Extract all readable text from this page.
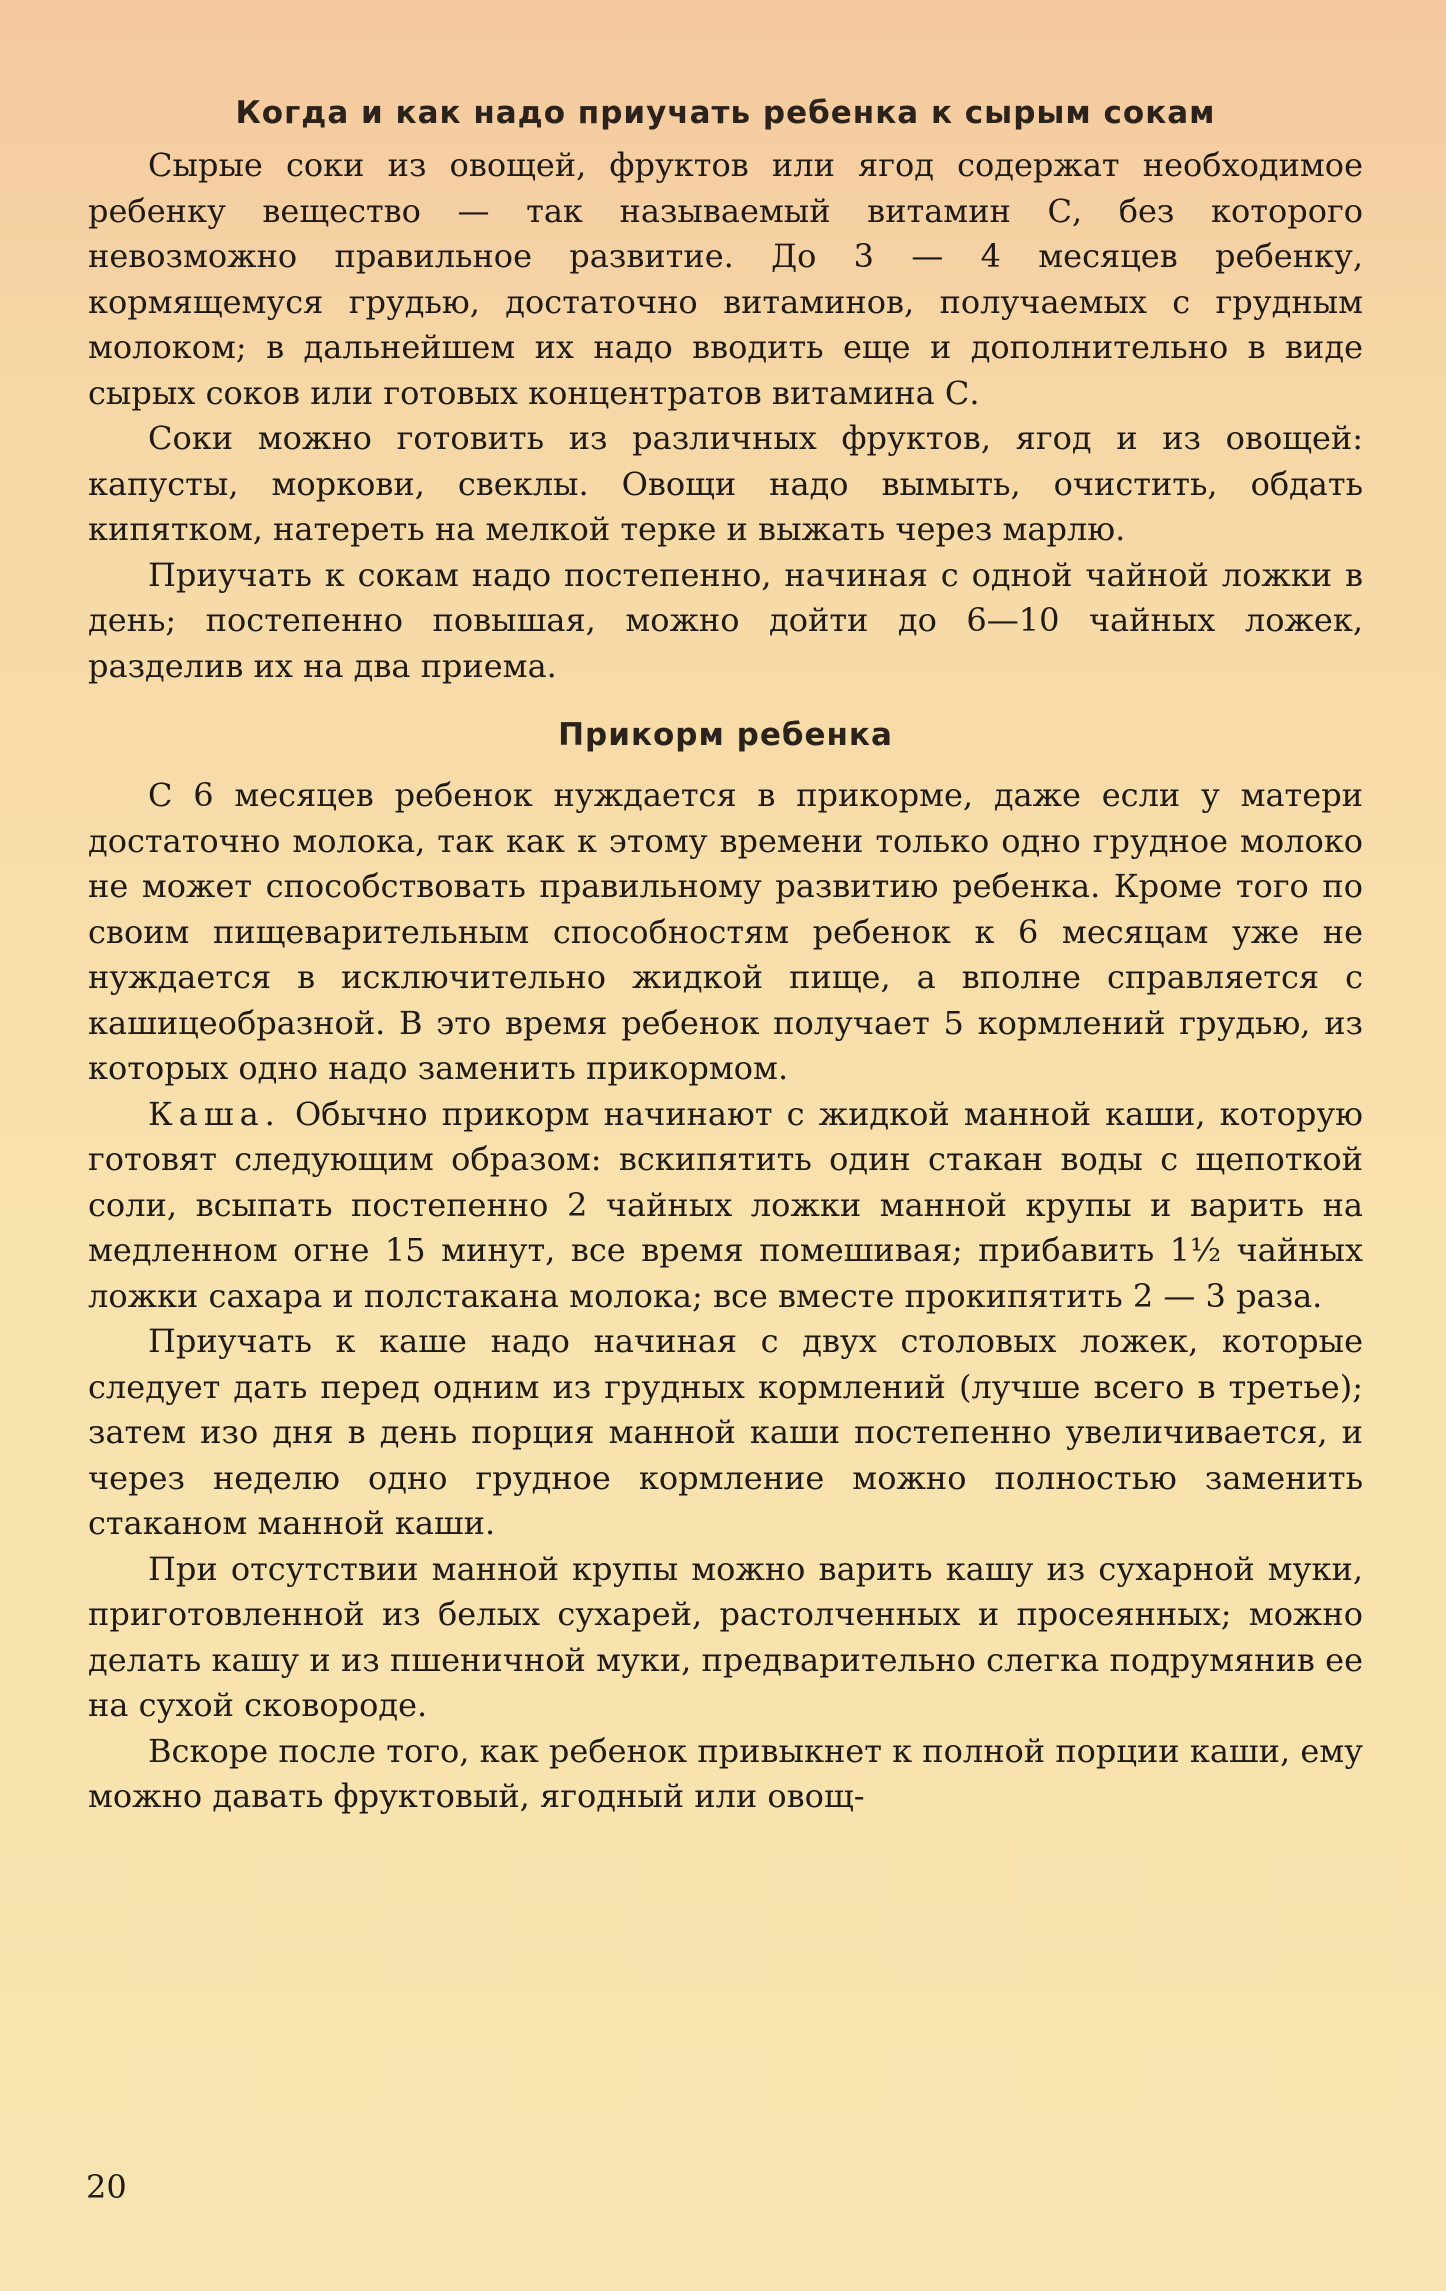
Когда и как надо приучать ребенка к сырым сокам

Сырые соки из овощей, фруктов или ягод содержат необходимое ребенку вещество — так называемый витамин С, без которого невозможно правильное развитие. До 3 — 4 месяцев ребенку, кормящемуся грудью, достаточно витаминов, получаемых с грудным молоком; в дальнейшем их надо вводить еще и дополнительно в виде сырых соков или готовых концентратов витамина С.

Соки можно готовить из различных фруктов, ягод и из овощей: капусты, моркови, свеклы. Овощи надо вымыть, очистить, обдать кипятком, натереть на мелкой терке и выжать через марлю.

Приучать к сокам надо постепенно, начиная с одной чайной ложки в день; постепенно повышая, можно дойти до 6—10 чайных ложек, разделив их на два приема.

Прикорм ребенка

С 6 месяцев ребенок нуждается в прикорме, даже если у матери достаточно молока, так как к этому времени только одно грудное молоко не может способствовать правильному развитию ребенка. Кроме того по своим пищеварительным способностям ребенок к 6 месяцам уже не нуждается в исключительно жидкой пище, а вполне справляется с кашицеобразной. В это время ребенок получает 5 кормлений грудью, из которых одно надо заменить прикормом.

Каша. Обычно прикорм начинают с жидкой манной каши, которую готовят следующим образом: вскипятить один стакан воды с щепоткой соли, всыпать постепенно 2 чайных ложки манной крупы и варить на медленном огне 15 минут, все время помешивая; прибавить 1½ чайных ложки сахара и полстакана молока; все вместе прокипятить 2 — 3 раза.

Приучать к каше надо начиная с двух столовых ложек, которые следует дать перед одним из грудных кормлений (лучше всего в третье); затем изо дня в день порция манной каши постепенно увеличивается, и через неделю одно грудное кормление можно полностью заменить стаканом манной каши.

При отсутствии манной крупы можно варить кашу из сухарной муки, приготовленной из белых сухарей, растолченных и просеянных; можно делать кашу и из пшеничной муки, предварительно слегка подрумянив ее на сухой сковороде.

Вскоре после того, как ребенок привыкнет к полной порции каши, ему можно давать фруктовый, ягодный или овощ-

20
